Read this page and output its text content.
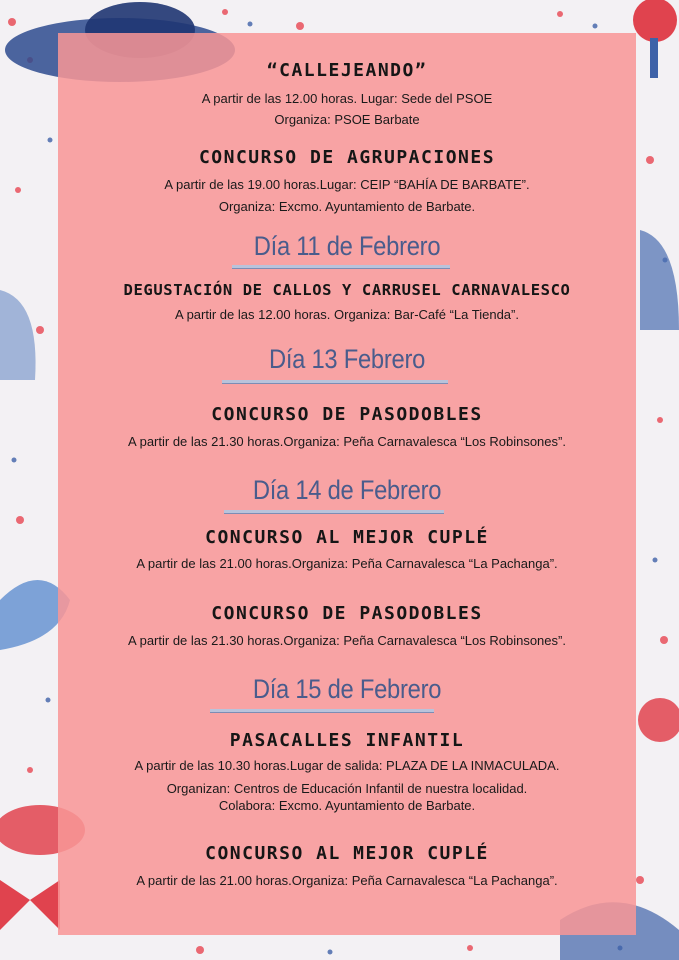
“CALLEJEANDO”
A partir de las 12.00 horas. Lugar: Sede del PSOE
Organiza: PSOE Barbate
CONCURSO DE AGRUPACIONES
A partir de las 19.00 horas.Lugar: CEIP “BAHÍA DE BARBATE”.
Organiza: Excmo. Ayuntamiento de Barbate.
Día 11 de Febrero
DEGUSTACIÓN DE CALLOS Y CARRUSEL CARNAVALESCO
A partir de las 12.00 horas. Organiza: Bar-Café “La Tienda”.
Día 13 Febrero
CONCURSO DE PASODOBLES
A partir de las 21.30 horas.Organiza: Peña Carnavalesca “Los Robinsones”.
Día 14 de Febrero
CONCURSO AL MEJOR CUPLÉ
A partir de las 21.00 horas.Organiza: Peña Carnavalesca “La Pachanga”.
CONCURSO DE PASODOBLES
A partir de las 21.30 horas.Organiza: Peña Carnavalesca “Los Robinsones”.
Día 15 de Febrero
PASACALLES INFANTIL
A partir de las 10.30 horas.Lugar de salida: PLAZA DE LA INMACULADA.
Organizan: Centros de Educación Infantil de nuestra localidad.
Colabora: Excmo. Ayuntamiento de Barbate.
CONCURSO AL MEJOR CUPLÉ
A partir de las 21.00 horas.Organiza: Peña Carnavalesca “La Pachanga”.
